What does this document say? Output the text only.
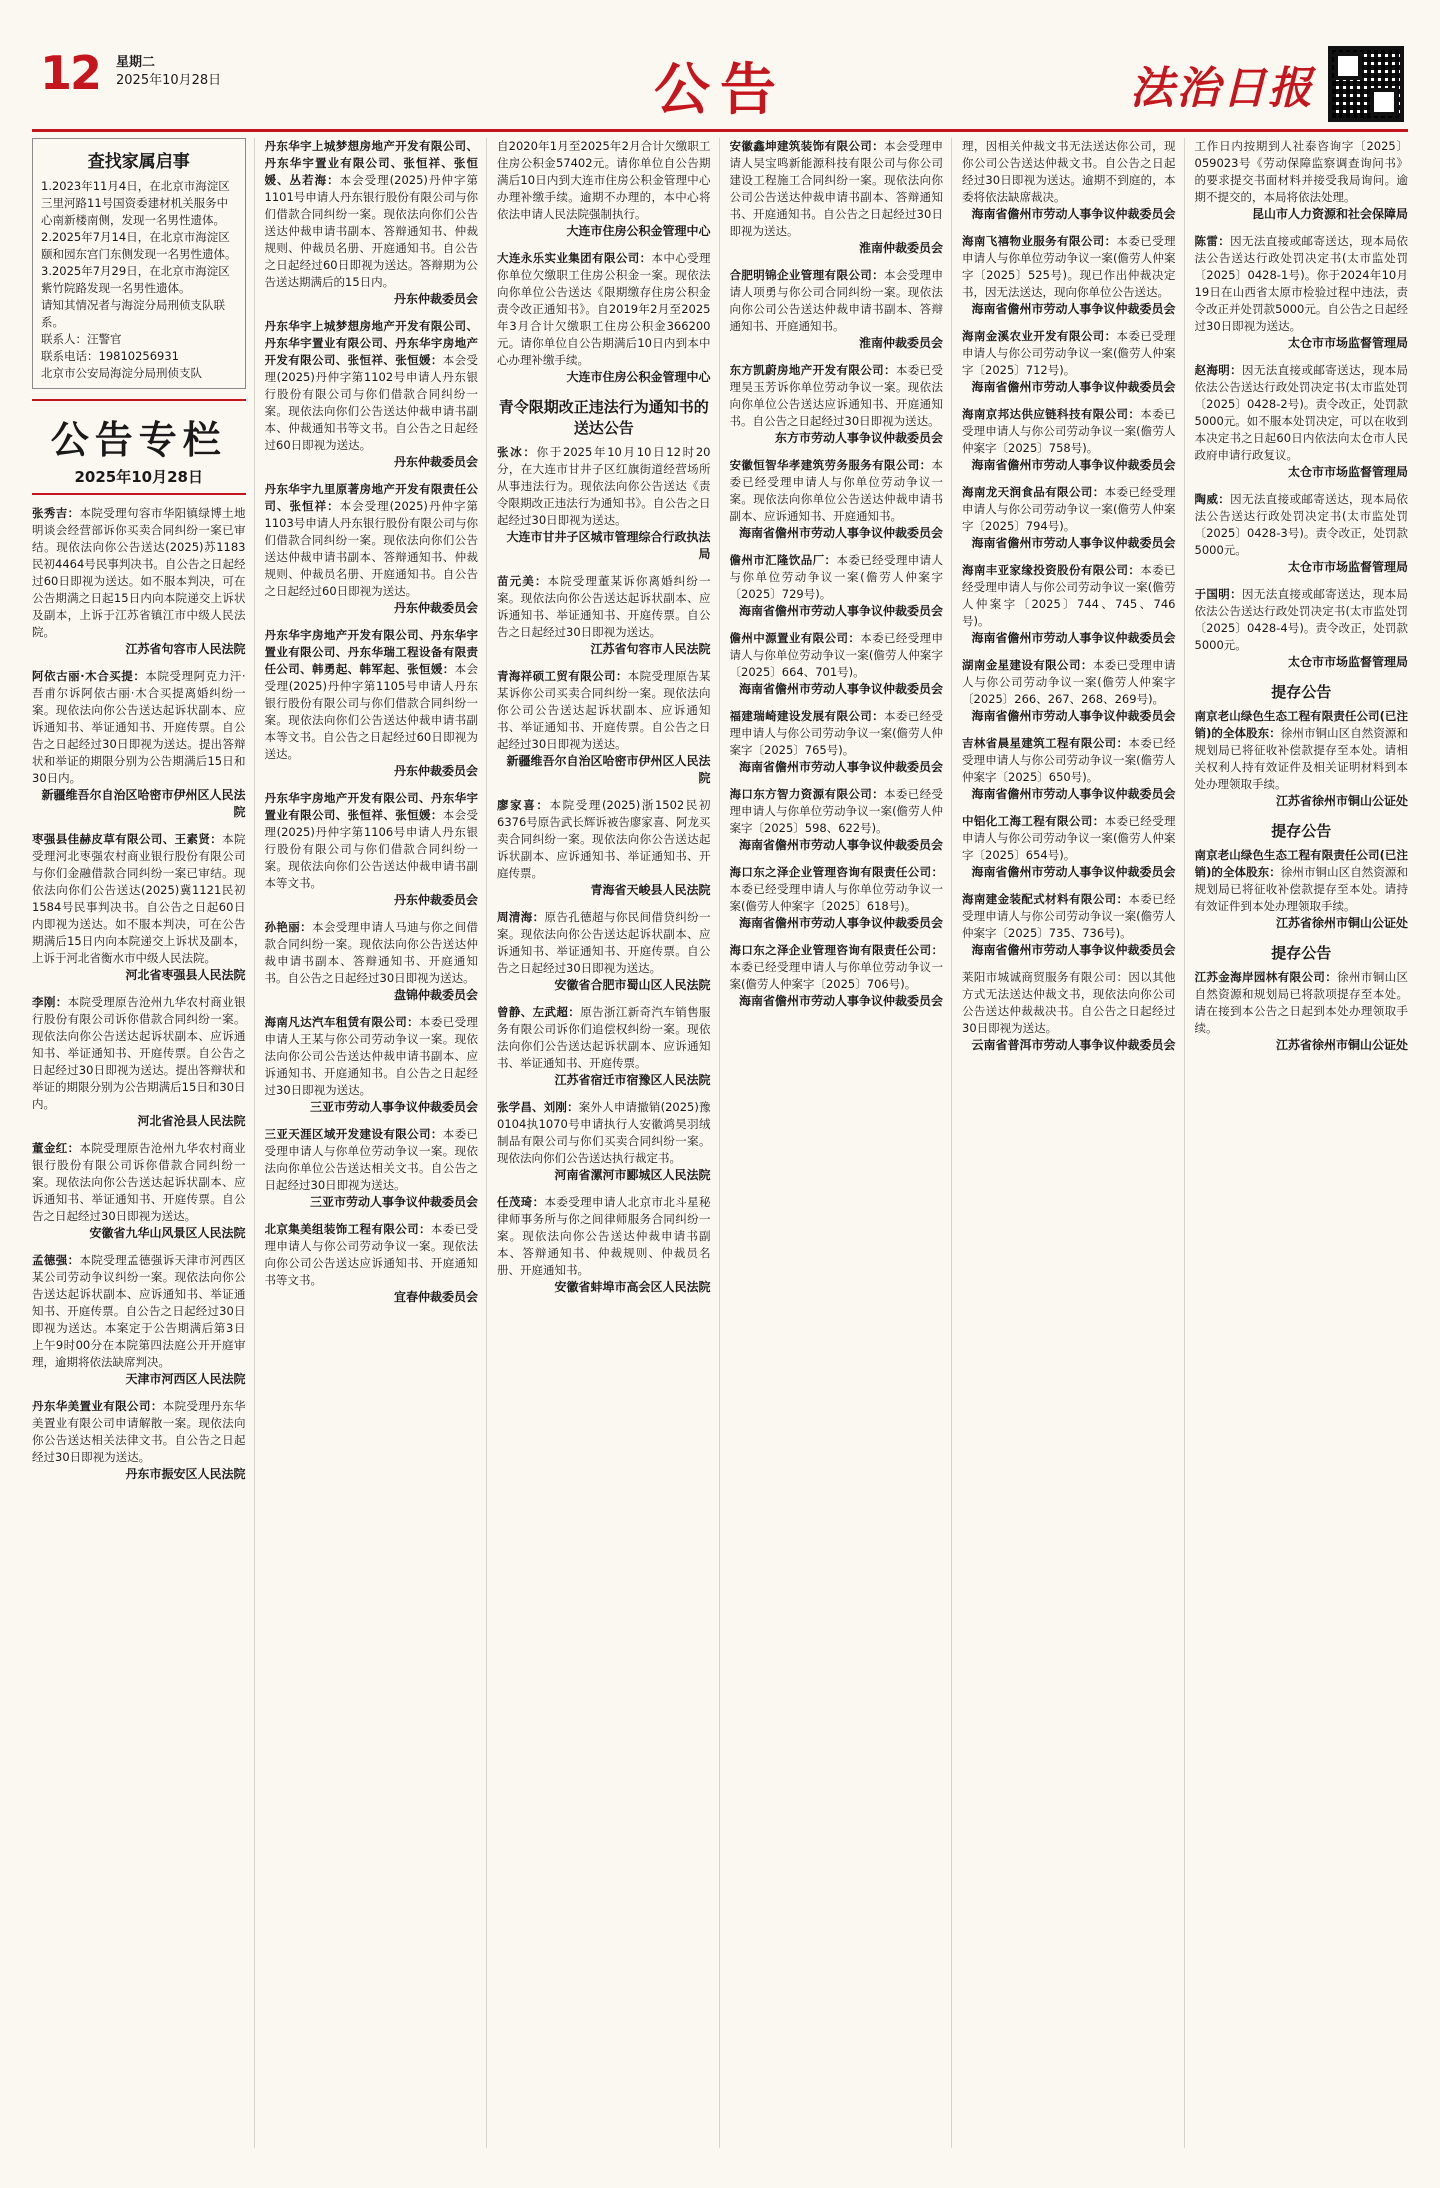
12 星期二
2025年10月28日	公告	法治日报
查找家属启事

1.2023年11月4日，在北京市海淀区三里河路11号国资委建材机关服务中心南新楼南侧，发现一名男性遗体。

2.2025年7月14日，在北京市海淀区颐和园东宫门东侧发现一名男性遗体。

3.2025年7月29日，在北京市海淀区紫竹院路发现一名男性遗体。

请知其情况者与海淀分局刑侦支队联系。

联系人：汪警官

联系电话：19810256931

北京市公安局海淀分局刑侦支队

公告专栏
2025年10月28日
张秀吉：本院受理句容市华阳镇绿博土地明谈会经营部诉你买卖合同纠纷一案已审结。现依法向你公告送达(2025)苏1183民初4464号民事判决书。自公告之日起经过60日即视为送达。如不服本判决，可在公告期满之日起15日内向本院递交上诉状及副本，上诉于江苏省镇江市中级人民法院。
江苏省句容市人民法院
阿依古丽·木合买提：本院受理阿克力汗·吾甫尔诉阿依古丽·木合买提离婚纠纷一案。现依法向你公告送达起诉状副本、应诉通知书、举证通知书、开庭传票。自公告之日起经过30日即视为送达。提出答辩状和举证的期限分别为公告期满后15日和30日内。
新疆维吾尔自治区哈密市伊州区人民法院
枣强县佳赫皮草有限公司、王素贤：本院受理河北枣强农村商业银行股份有限公司与你们金融借款合同纠纷一案已审结。现依法向你们公告送达(2025)冀1121民初1584号民事判决书。自公告之日起60日内即视为送达。如不服本判决，可在公告期满后15日内向本院递交上诉状及副本，上诉于河北省衡水市中级人民法院。
河北省枣强县人民法院
李刚：本院受理原告沧州九华农村商业银行股份有限公司诉你借款合同纠纷一案。现依法向你公告送达起诉状副本、应诉通知书、举证通知书、开庭传票。自公告之日起经过30日即视为送达。提出答辩状和举证的期限分别为公告期满后15日和30日内。
河北省沧县人民法院
董金红：本院受理原告沧州九华农村商业银行股份有限公司诉你借款合同纠纷一案。现依法向你公告送达起诉状副本、应诉通知书、举证通知书、开庭传票。自公告之日起经过30日即视为送达。
安徽省九华山风景区人民法院
孟德强：本院受理孟德强诉天津市河西区某公司劳动争议纠纷一案。现依法向你公告送达起诉状副本、应诉通知书、举证通知书、开庭传票。自公告之日起经过30日即视为送达。本案定于公告期满后第3日上午9时00分在本院第四法庭公开开庭审理，逾期将依法缺席判决。
天津市河西区人民法院
丹东华美置业有限公司：本院受理丹东华美置业有限公司申请解散一案。现依法向你公告送达相关法律文书。自公告之日起经过30日即视为送达。
丹东市振安区人民法院
丹东华宇上城梦想房地产开发有限公司、丹东华宇置业有限公司、张恒祥、张恒媛、丛若海：本会受理(2025)丹仲字第1101号申请人丹东银行股份有限公司与你们借款合同纠纷一案。现依法向你们公告送达仲裁申请书副本、答辩通知书、仲裁规则、仲裁员名册、开庭通知书。自公告之日起经过60日即视为送达。答辩期为公告送达期满后的15日内。
丹东仲裁委员会
丹东华宇上城梦想房地产开发有限公司、丹东华宇置业有限公司、丹东华宇房地产开发有限公司、张恒祥、张恒媛：本会受理(2025)丹仲字第1102号申请人丹东银行股份有限公司与你们借款合同纠纷一案。现依法向你们公告送达仲裁申请书副本、仲裁通知书等文书。自公告之日起经过60日即视为送达。
丹东仲裁委员会
丹东华宇九里原著房地产开发有限责任公司、张恒祥：本会受理(2025)丹仲字第1103号申请人丹东银行股份有限公司与你们借款合同纠纷一案。现依法向你们公告送达仲裁申请书副本、答辩通知书、仲裁规则、仲裁员名册、开庭通知书。自公告之日起经过60日即视为送达。
丹东仲裁委员会
丹东华宇房地产开发有限公司、丹东华宇置业有限公司、丹东华瑞工程设备有限责任公司、韩勇起、韩军起、张恒媛：本会受理(2025)丹仲字第1105号申请人丹东银行股份有限公司与你们借款合同纠纷一案。现依法向你们公告送达仲裁申请书副本等文书。自公告之日起经过60日即视为送达。
丹东仲裁委员会
丹东华宇房地产开发有限公司、丹东华宇置业有限公司、张恒祥、张恒媛：本会受理(2025)丹仲字第1106号申请人丹东银行股份有限公司与你们借款合同纠纷一案。现依法向你们公告送达仲裁申请书副本等文书。
丹东仲裁委员会
孙艳丽：本会受理申请人马迪与你之间借款合同纠纷一案。现依法向你公告送达仲裁申请书副本、答辩通知书、开庭通知书。自公告之日起经过30日即视为送达。
盘锦仲裁委员会
海南凡达汽车租赁有限公司：本委已受理申请人王某与你公司劳动争议一案。现依法向你公司公告送达仲裁申请书副本、应诉通知书、开庭通知书。自公告之日起经过30日即视为送达。
三亚市劳动人事争议仲裁委员会
三亚天涯区域开发建设有限公司：本委已受理申请人与你单位劳动争议一案。现依法向你单位公告送达相关文书。自公告之日起经过30日即视为送达。
三亚市劳动人事争议仲裁委员会
北京集美组装饰工程有限公司：本委已受理申请人与你公司劳动争议一案。现依法向你公司公告送达应诉通知书、开庭通知书等文书。
宜春仲裁委员会
自2020年1月至2025年2月合计欠缴职工住房公积金57402元。请你单位自公告期满后10日内到大连市住房公积金管理中心办理补缴手续。逾期不办理的，本中心将依法申请人民法院强制执行。
大连市住房公积金管理中心
大连永乐实业集团有限公司：本中心受理你单位欠缴职工住房公积金一案。现依法向你单位公告送达《限期缴存住房公积金责令改正通知书》。自2019年2月至2025年3月合计欠缴职工住房公积金366200元。请你单位自公告期满后10日内到本中心办理补缴手续。
大连市住房公积金管理中心
青令限期改正违法行为通知书的送达公告
张冰：你于2025年10月10日12时20分，在大连市甘井子区红旗街道经营场所从事违法行为。现依法向你公告送达《责令限期改正违法行为通知书》。自公告之日起经过30日即视为送达。
大连市甘井子区城市管理综合行政执法局
苗元美：本院受理董某诉你离婚纠纷一案。现依法向你公告送达起诉状副本、应诉通知书、举证通知书、开庭传票。自公告之日起经过30日即视为送达。
江苏省句容市人民法院
青海祥硕工贸有限公司：本院受理原告某某诉你公司买卖合同纠纷一案。现依法向你公司公告送达起诉状副本、应诉通知书、举证通知书、开庭传票。自公告之日起经过30日即视为送达。
新疆维吾尔自治区哈密市伊州区人民法院
廖家喜：本院受理(2025)浙1502民初6376号原告武长辉诉被告廖家喜、阿龙买卖合同纠纷一案。现依法向你公告送达起诉状副本、应诉通知书、举证通知书、开庭传票。
青海省天峻县人民法院
周清海：原告孔德超与你民间借贷纠纷一案。现依法向你公告送达起诉状副本、应诉通知书、举证通知书、开庭传票。自公告之日起经过30日即视为送达。
安徽省合肥市蜀山区人民法院
曾静、左武超：原告浙江新奇汽车销售服务有限公司诉你们追偿权纠纷一案。现依法向你们公告送达起诉状副本、应诉通知书、举证通知书、开庭传票。
江苏省宿迁市宿豫区人民法院
张学昌、刘刚：案外人申请撤销(2025)豫0104执1070号申请执行人安徽鸿昊羽绒制品有限公司与你们买卖合同纠纷一案。现依法向你们公告送达执行裁定书。
河南省漯河市郾城区人民法院
任茂琦：本委受理申请人北京市北斗星秘律师事务所与你之间律师服务合同纠纷一案。现依法向你公告送达仲裁申请书副本、答辩通知书、仲裁规则、仲裁员名册、开庭通知书。
安徽省蚌埠市高会区人民法院
安徽鑫坤建筑装饰有限公司：本会受理申请人吴宝鸣新能源科技有限公司与你公司建设工程施工合同纠纷一案。现依法向你公司公告送达仲裁申请书副本、答辩通知书、开庭通知书。自公告之日起经过30日即视为送达。
淮南仲裁委员会
合肥明锦企业管理有限公司：本会受理申请人项勇与你公司合同纠纷一案。现依法向你公司公告送达仲裁申请书副本、答辩通知书、开庭通知书。
淮南仲裁委员会
东方凯蔚房地产开发有限公司：本委已受理吴玉芳诉你单位劳动争议一案。现依法向你单位公告送达应诉通知书、开庭通知书。自公告之日起经过30日即视为送达。
东方市劳动人事争议仲裁委员会
安徽恒智华孝建筑劳务服务有限公司：本委已经受理申请人与你单位劳动争议一案。现依法向你单位公告送达仲裁申请书副本、应诉通知书、开庭通知书。
海南省儋州市劳动人事争议仲裁委员会
儋州市汇隆饮品厂：本委已经受理申请人与你单位劳动争议一案(儋劳人仲案字〔2025〕729号)。
海南省儋州市劳动人事争议仲裁委员会
儋州中源置业有限公司：本委已经受理申请人与你单位劳动争议一案(儋劳人仲案字〔2025〕664、701号)。
海南省儋州市劳动人事争议仲裁委员会
福建瑞崎建设发展有限公司：本委已经受理申请人与你公司劳动争议一案(儋劳人仲案字〔2025〕765号)。
海南省儋州市劳动人事争议仲裁委员会
海口东方智力资源有限公司：本委已经受理申请人与你单位劳动争议一案(儋劳人仲案字〔2025〕598、622号)。
海南省儋州市劳动人事争议仲裁委员会
海口东之泽企业管理咨询有限责任公司：本委已经受理申请人与你单位劳动争议一案(儋劳人仲案字〔2025〕618号)。
海南省儋州市劳动人事争议仲裁委员会
海口东之泽企业管理咨询有限责任公司：本委已经受理申请人与你单位劳动争议一案(儋劳人仲案字〔2025〕706号)。
海南省儋州市劳动人事争议仲裁委员会
理，因相关仲裁文书无法送达你公司，现你公司公告送达仲裁文书。自公告之日起经过30日即视为送达。逾期不到庭的，本委将依法缺席裁决。
海南省儋州市劳动人事争议仲裁委员会
海南飞禧物业服务有限公司：本委已受理申请人与你单位劳动争议一案(儋劳人仲案字〔2025〕525号)。现已作出仲裁决定书，因无法送达，现向你单位公告送达。
海南省儋州市劳动人事争议仲裁委员会
海南金溪农业开发有限公司：本委已受理申请人与你公司劳动争议一案(儋劳人仲案字〔2025〕712号)。
海南省儋州市劳动人事争议仲裁委员会
海南京邦达供应链科技有限公司：本委已受理申请人与你公司劳动争议一案(儋劳人仲案字〔2025〕758号)。
海南省儋州市劳动人事争议仲裁委员会
海南龙天润食品有限公司：本委已经受理申请人与你公司劳动争议一案(儋劳人仲案字〔2025〕794号)。
海南省儋州市劳动人事争议仲裁委员会
海南丰亚家缘投资股份有限公司：本委已经受理申请人与你公司劳动争议一案(儋劳人仲案字〔2025〕744、745、746号)。
海南省儋州市劳动人事争议仲裁委员会
湖南金星建设有限公司：本委已受理申请人与你公司劳动争议一案(儋劳人仲案字〔2025〕266、267、268、269号)。
海南省儋州市劳动人事争议仲裁委员会
吉林省晨星建筑工程有限公司：本委已经受理申请人与你公司劳动争议一案(儋劳人仲案字〔2025〕650号)。
海南省儋州市劳动人事争议仲裁委员会
中铝化工海工程有限公司：本委已经受理申请人与你公司劳动争议一案(儋劳人仲案字〔2025〕654号)。
海南省儋州市劳动人事争议仲裁委员会
海南建金装配式材料有限公司：本委已经受理申请人与你公司劳动争议一案(儋劳人仲案字〔2025〕735、736号)。
海南省儋州市劳动人事争议仲裁委员会
莱阳市城诚商贸服务有限公司：因以其他方式无法送达仲裁文书，现依法向你公司公告送达仲裁裁决书。自公告之日起经过30日即视为送达。
云南省普洱市劳动人事争议仲裁委员会
工作日内按期到人社泰咨询字〔2025〕059023号《劳动保障监察调查询问书》的要求提交书面材料并接受我局询问。逾期不提交的，本局将依法处理。
昆山市人力资源和社会保障局
陈雷：因无法直接或邮寄送达，现本局依法公告送达行政处罚决定书(太市监处罚〔2025〕0428-1号)。你于2024年10月19日在山西省太原市检验过程中违法，责令改正并处罚款5000元。自公告之日起经过30日即视为送达。
太仓市市场监督管理局
赵海明：因无法直接或邮寄送达，现本局依法公告送达行政处罚决定书(太市监处罚〔2025〕0428-2号)。责令改正，处罚款5000元。如不服本处罚决定，可以在收到本决定书之日起60日内依法向太仓市人民政府申请行政复议。
太仓市市场监督管理局
陶威：因无法直接或邮寄送达，现本局依法公告送达行政处罚决定书(太市监处罚〔2025〕0428-3号)。责令改正，处罚款5000元。
太仓市市场监督管理局
于国明：因无法直接或邮寄送达，现本局依法公告送达行政处罚决定书(太市监处罚〔2025〕0428-4号)。责令改正，处罚款5000元。
太仓市市场监督管理局
提存公告
南京老山绿色生态工程有限责任公司(已注销)的全体股东：徐州市铜山区自然资源和规划局已将征收补偿款提存至本处。请相关权利人持有效证件及相关证明材料到本处办理领取手续。
江苏省徐州市铜山公证处
提存公告
南京老山绿色生态工程有限责任公司(已注销)的全体股东：徐州市铜山区自然资源和规划局已将征收补偿款提存至本处。请持有效证件到本处办理领取手续。
江苏省徐州市铜山公证处
提存公告
江苏金海岸园林有限公司：徐州市铜山区自然资源和规划局已将款项提存至本处。请在接到本公告之日起到本处办理领取手续。
江苏省徐州市铜山公证处
